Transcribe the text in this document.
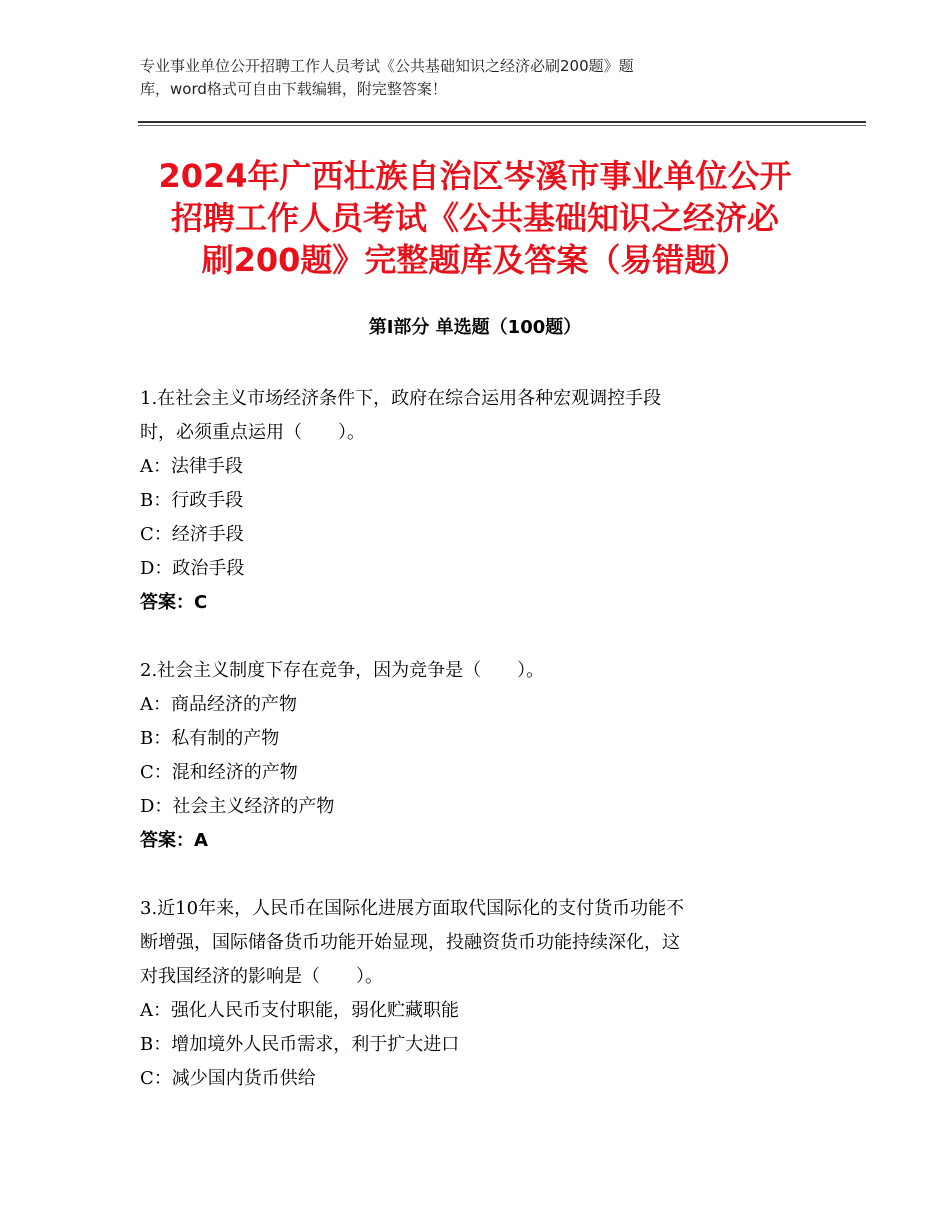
专业事业单位公开招聘工作人员考试《公共基础知识之经济必刷200题》题

库，word格式可自由下载编辑，附完整答案！

2024年广西壮族自治区岑溪市事业单位公开
招聘工作人员考试《公共基础知识之经济必
刷200题》完整题库及答案（易错题）
第Ⅰ部分 单选题（100题）

1.在社会主义市场经济条件下，政府在综合运用各种宏观调控手段

时，必须重点运用（　　）。

A：法律手段

B：行政手段

C：经济手段

D：政治手段

答案：C

2.社会主义制度下存在竞争，因为竞争是（　　）。

A：商品经济的产物

B：私有制的产物

C：混和经济的产物

D：社会主义经济的产物

答案：A

3.近10年来，人民币在国际化进展方面取代国际化的支付货币功能不

断增强，国际储备货币功能开始显现，投融资货币功能持续深化，这

对我国经济的影响是（　　）。

A：强化人民币支付职能，弱化贮藏职能

B：增加境外人民币需求，利于扩大进口

C：减少国内货币供给
